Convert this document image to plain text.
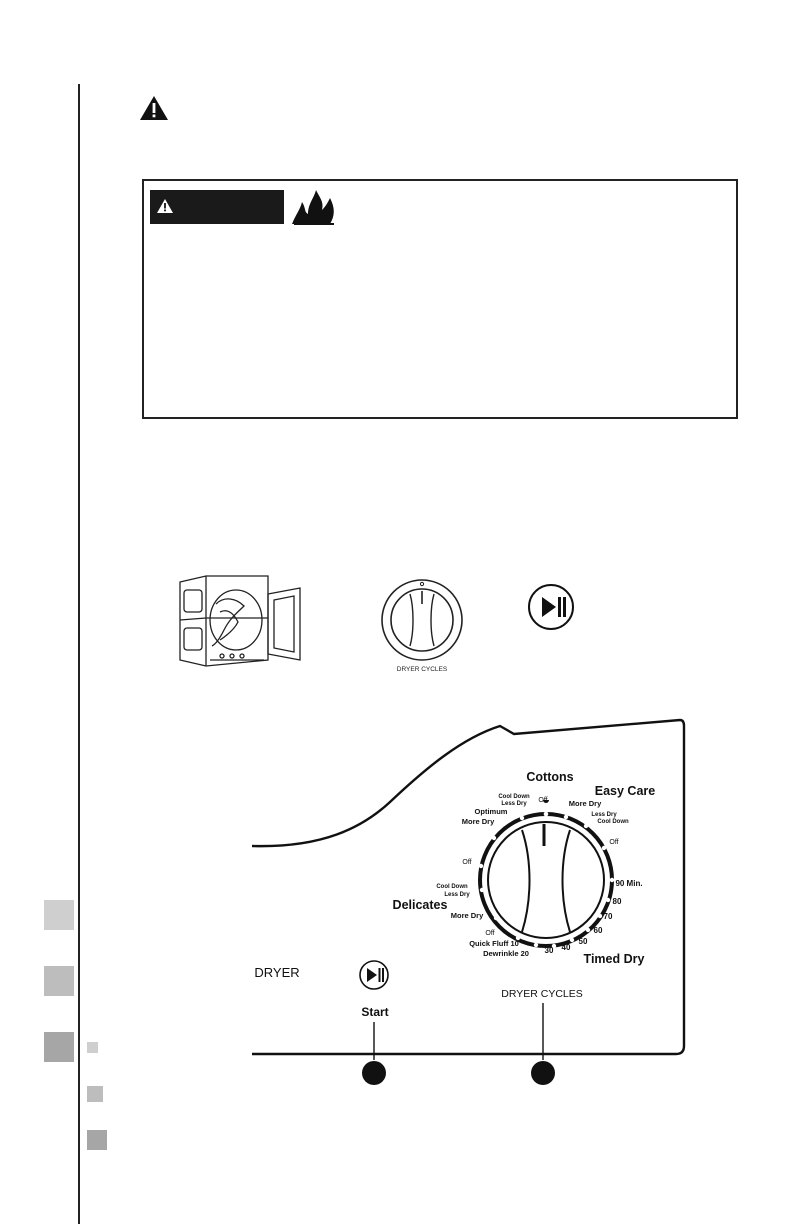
DRYER CYCLES
Cottons
Easy Care
Delicates
Timed Dry
Cool Down
Less Dry Off
Optimum
More Dry
More Dry
Less Dry
Cool Down
Off
90 Min.
80
70
60
50
40
30
Dewrinkle 20
Quick Fluff 10
Off
More Dry
Cool Down
Less Dry
Off
DRYER
DRYER CYCLES
Start
